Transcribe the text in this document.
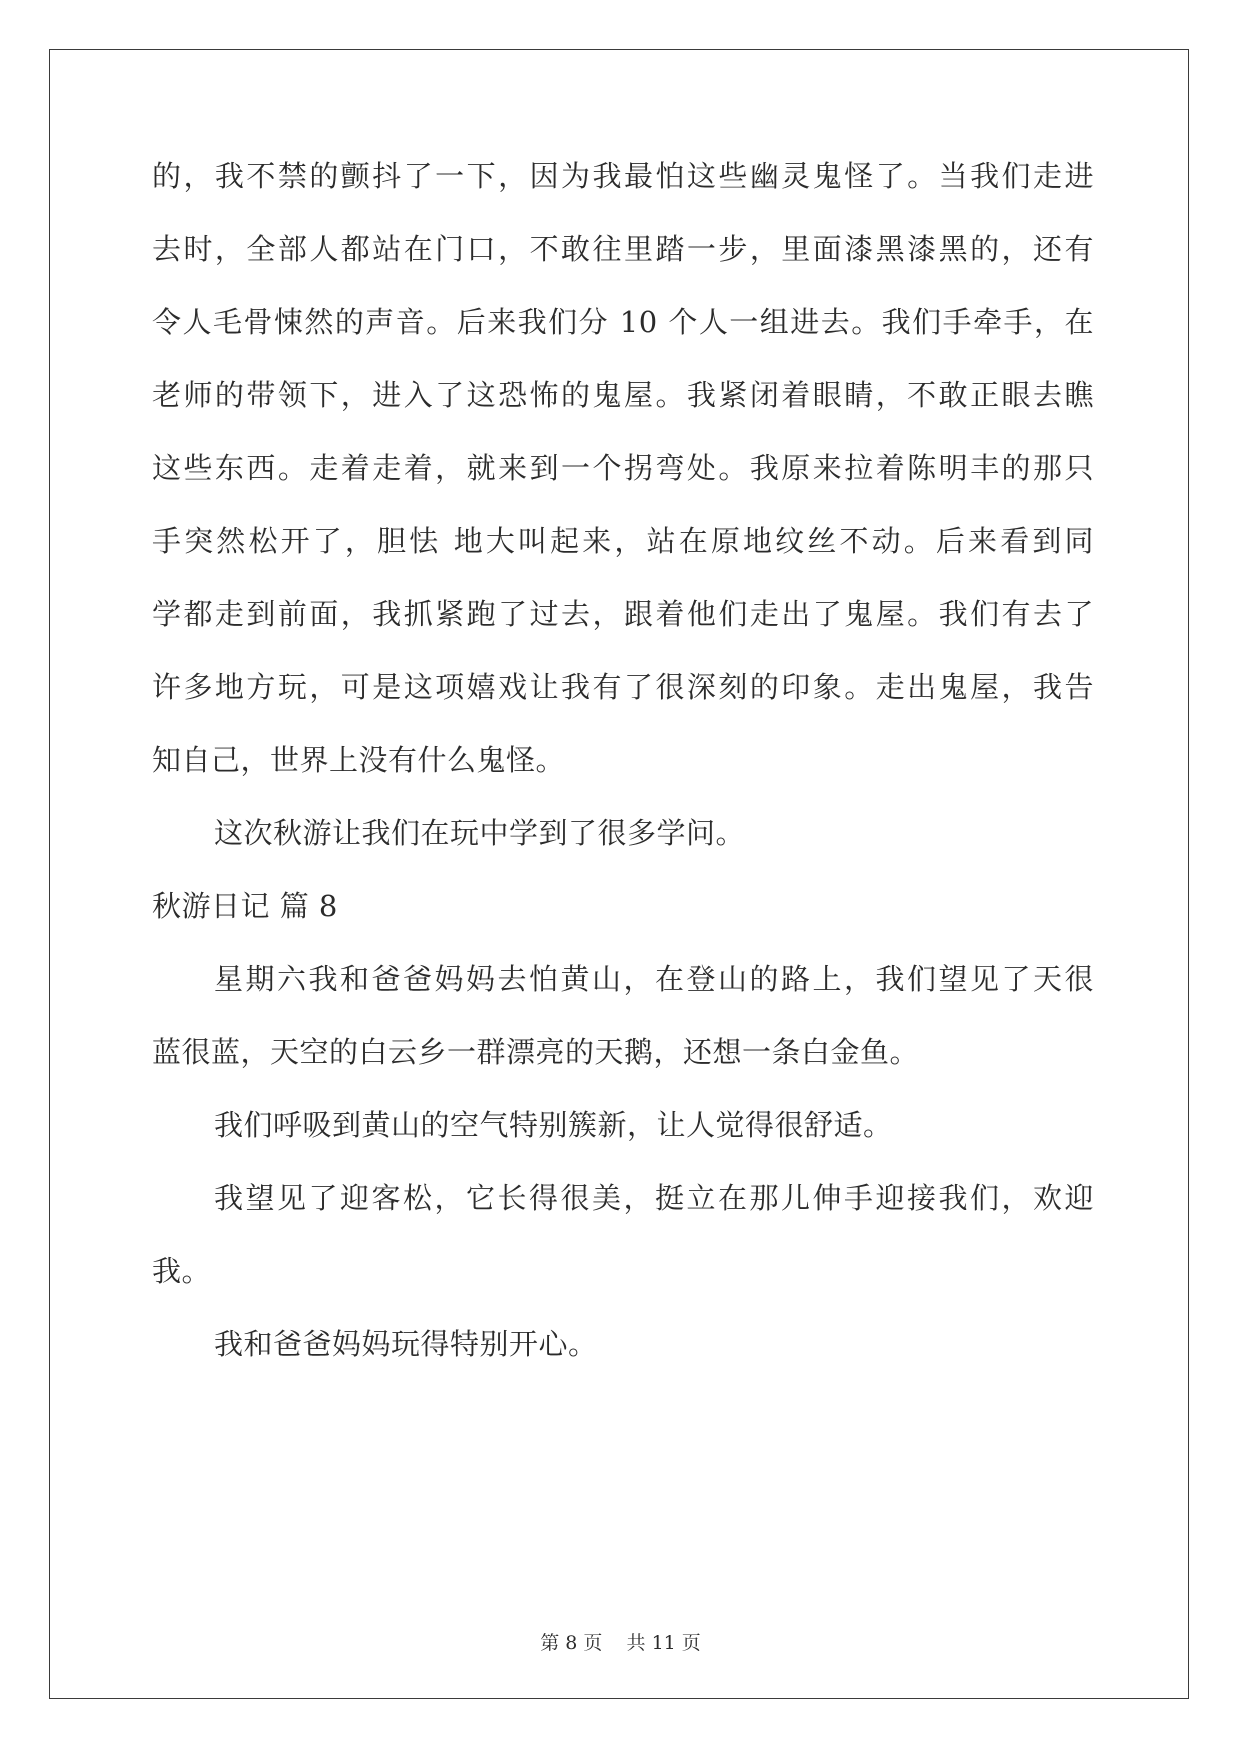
的，我不禁的颤抖了一下，因为我最怕这些幽灵鬼怪了。当我们走进
去时，全部人都站在门口，不敢往里踏一步，里面漆黑漆黑的，还有
令人毛骨悚然的声音。后来我们分 10 个人一组进去。我们手牵手，在
老师的带领下，进入了这恐怖的鬼屋。我紧闭着眼睛，不敢正眼去瞧
这些东西。走着走着，就来到一个拐弯处。我原来拉着陈明丰的那只
手突然松开了，胆怯 地大叫起来，站在原地纹丝不动。后来看到同
学都走到前面，我抓紧跑了过去，跟着他们走出了鬼屋。我们有去了
许多地方玩，可是这项嬉戏让我有了很深刻的印象。走出鬼屋，我告
知自己，世界上没有什么鬼怪。
这次秋游让我们在玩中学到了很多学问。
秋游日记 篇 8
星期六我和爸爸妈妈去怕黄山，在登山的路上，我们望见了天很
蓝很蓝，天空的白云乡一群漂亮的天鹅，还想一条白金鱼。
我们呼吸到黄山的空气特别簇新，让人觉得很舒适。
我望见了迎客松，它长得很美，挺立在那儿伸手迎接我们，欢迎
我。
我和爸爸妈妈玩得特别开心。
第 8 页 共 11 页
